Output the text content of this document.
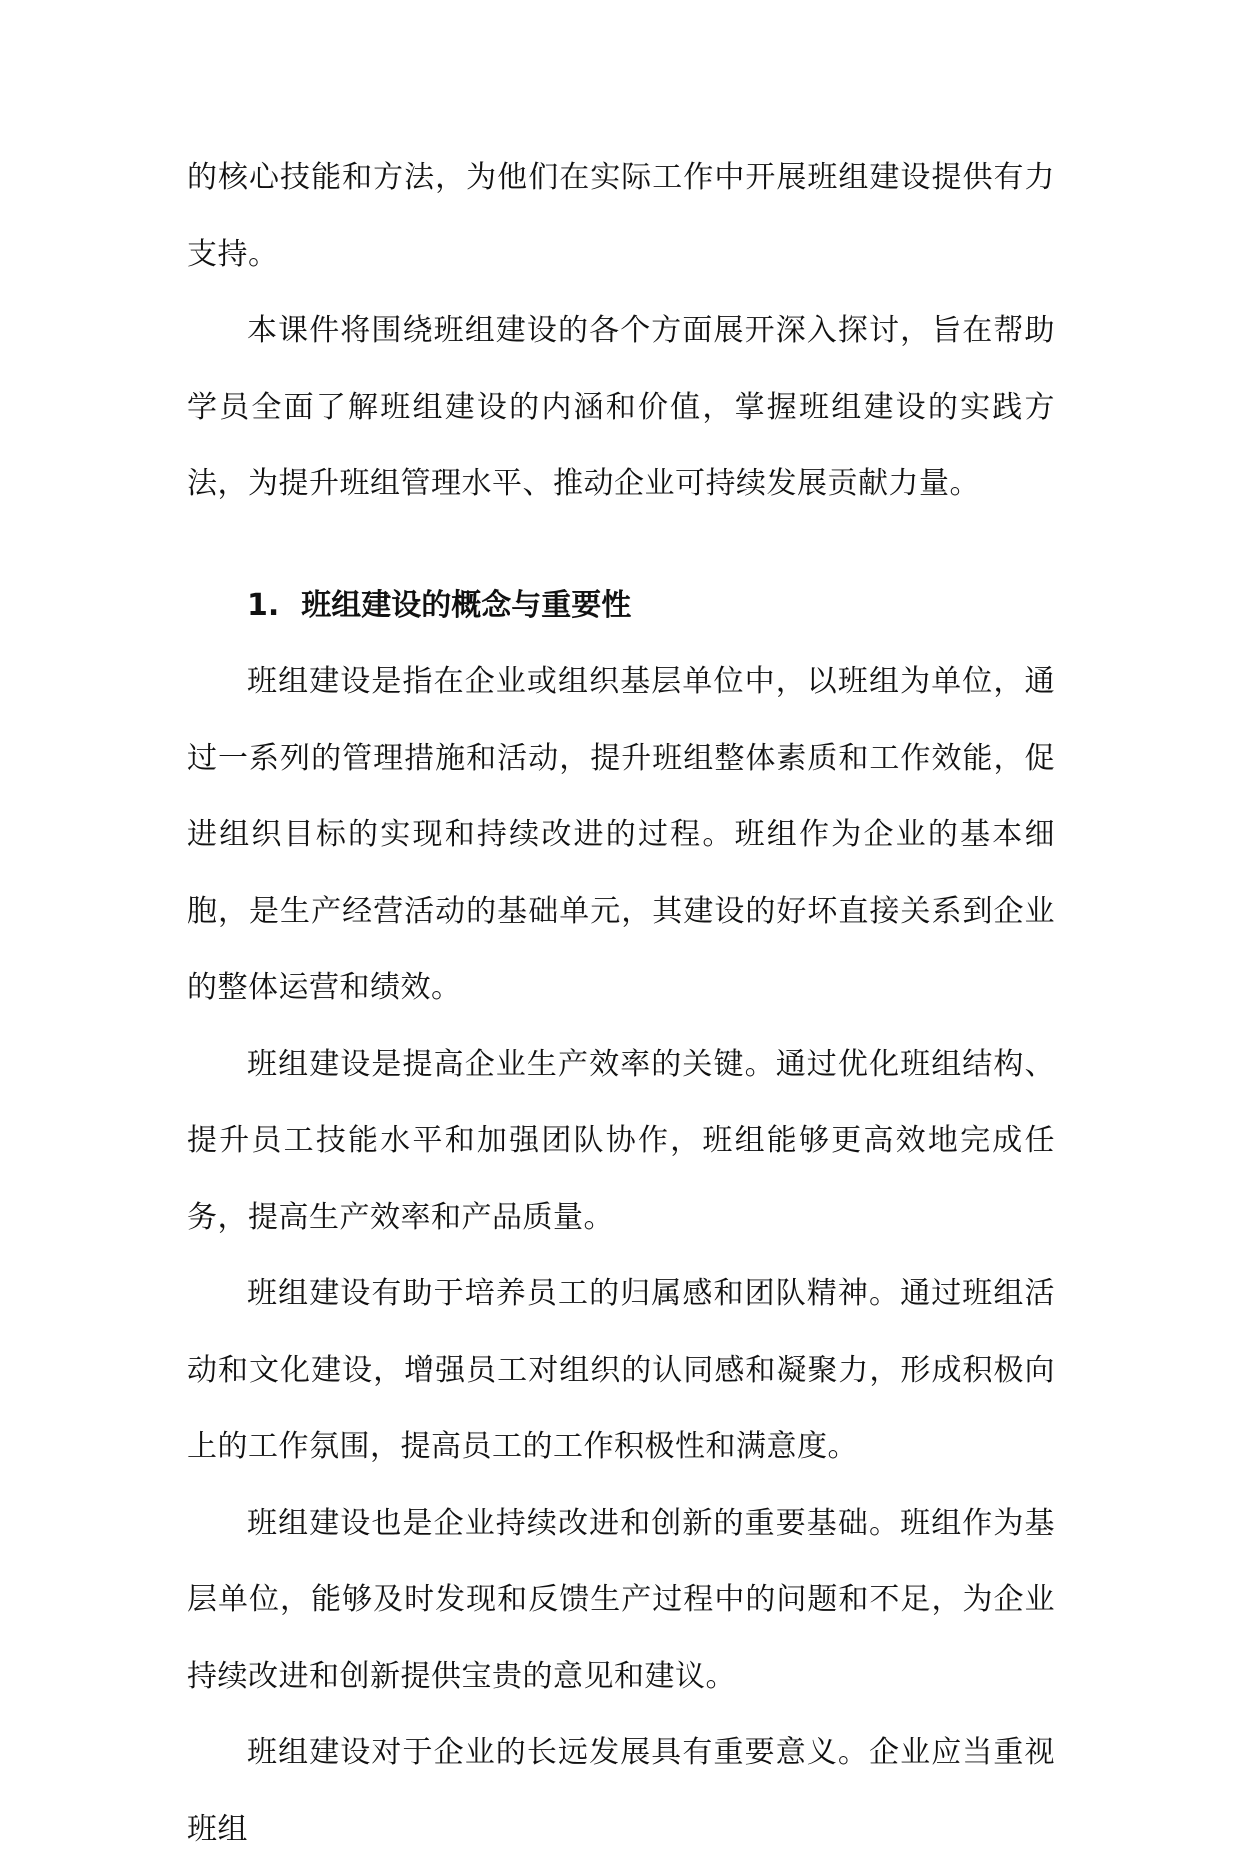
的核心技能和方法，为他们在实际工作中开展班组建设提供有力支持。

本课件将围绕班组建设的各个方面展开深入探讨，旨在帮助学员全面了解班组建设的内涵和价值，掌握班组建设的实践方法，为提升班组管理水平、推动企业可持续发展贡献力量。

1. 班组建设的概念与重要性

班组建设是指在企业或组织基层单位中，以班组为单位，通过一系列的管理措施和活动，提升班组整体素质和工作效能，促进组织目标的实现和持续改进的过程。班组作为企业的基本细胞，是生产经营活动的基础单元，其建设的好坏直接关系到企业的整体运营和绩效。

班组建设是提高企业生产效率的关键。通过优化班组结构、提升员工技能水平和加强团队协作，班组能够更高效地完成任务，提高生产效率和产品质量。

班组建设有助于培养员工的归属感和团队精神。通过班组活动和文化建设，增强员工对组织的认同感和凝聚力，形成积极向上的工作氛围，提高员工的工作积极性和满意度。

班组建设也是企业持续改进和创新的重要基础。班组作为基层单位，能够及时发现和反馈生产过程中的问题和不足，为企业持续改进和创新提供宝贵的意见和建议。

班组建设对于企业的长远发展具有重要意义。企业应当重视班组
